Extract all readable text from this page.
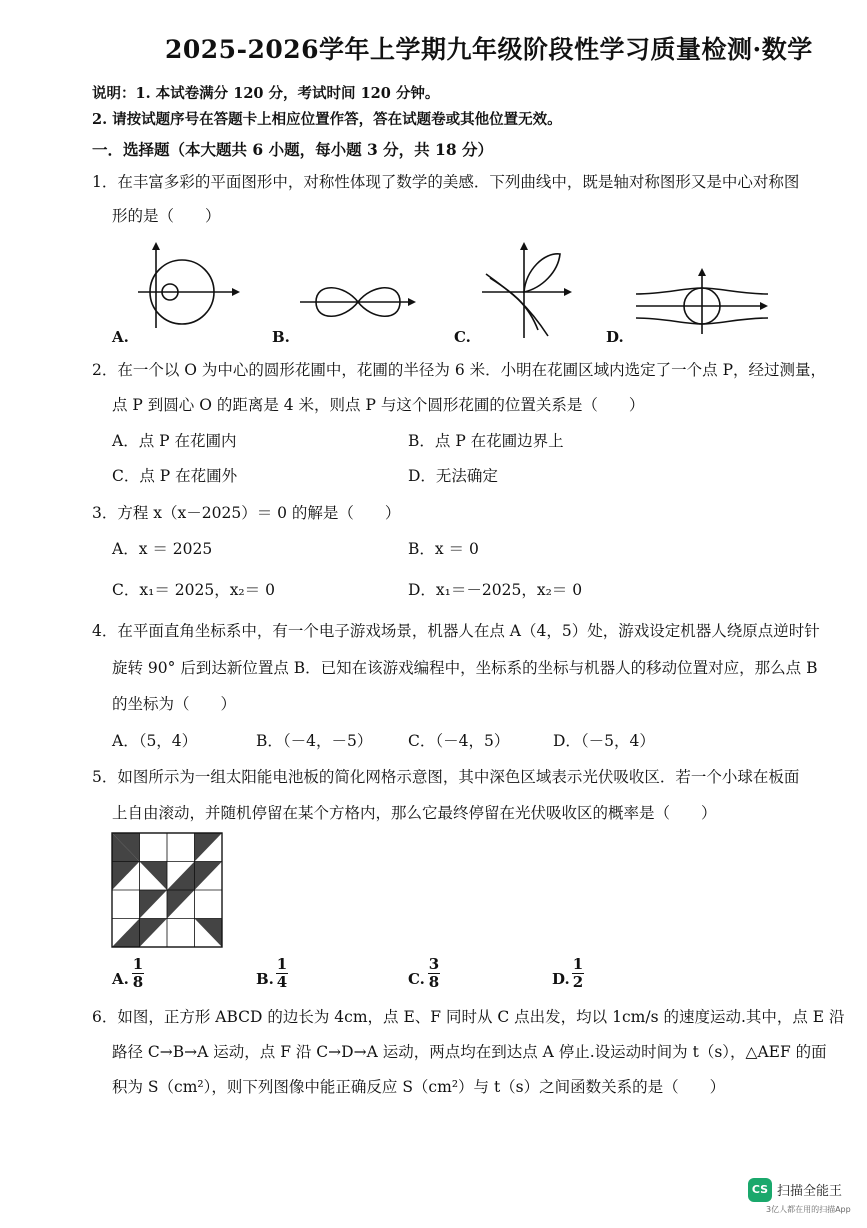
2025-2026学年上学期九年级阶段性学习质量检测·数学
说明：1. 本试卷满分 120 分，考试时间 120 分钟。
2. 请按试题序号在答题卡上相应位置作答，答在试题卷或其他位置无效。
一．选择题（本大题共 6 小题，每小题 3 分，共 18 分）
1．在丰富多彩的平面图形中，对称性体现了数学的美感．下列曲线中，既是轴对称图形又是中心对称图
形的是（　　）
A.	B.	C.	D.
2．在一个以 O 为中心的圆形花圃中，花圃的半径为 6 米．小明在花圃区域内选定了一个点 P，经过测量，
点 P 到圆心 O 的距离是 4 米，则点 P 与这个圆形花圃的位置关系是（　　）
A．点 P 在花圃内	B．点 P 在花圃边界上
C．点 P 在花圃外	D．无法确定
3．方程 x（x－2025）＝ 0 的解是（　　）
A．x ＝ 2025	B．x ＝ 0
C．x₁＝ 2025，x₂＝ 0	D．x₁＝－2025，x₂＝ 0
4．在平面直角坐标系中，有一个电子游戏场景，机器人在点 A（4，5）处，游戏设定机器人绕原点逆时针
旋转 90° 后到达新位置点 B．已知在该游戏编程中，坐标系的坐标与机器人的移动位置对应，那么点 B
的坐标为（　　）
A．（5，4）	B．（－4，－5） C．（－4，5）	D．（－5，4）
5．如图所示为一组太阳能电池板的简化网格示意图，其中深色区域表示光伏吸收区．若一个小球在板面
上自由滚动，并随机停留在某个方格内，那么它最终停留在光伏吸收区的概率是（　　）
A.
1
8	B.
1
4	C.
3
8	D.
1
2
6．如图，正方形 ABCD 的边长为 4cm，点 E、F 同时从 C 点出发，均以 1cm/s 的速度运动.其中，点 E 沿
路径 C→B→A 运动，点 F 沿 C→D→A 运动，两点均在到达点 A 停止.设运动时间为 t（s），△AEF 的面
积为 S（cm²），则下列图像中能正确反应 S（cm²）与 t（s）之间函数关系的是（　　）
CS 扫描全能王
3亿人都在用的扫描App
